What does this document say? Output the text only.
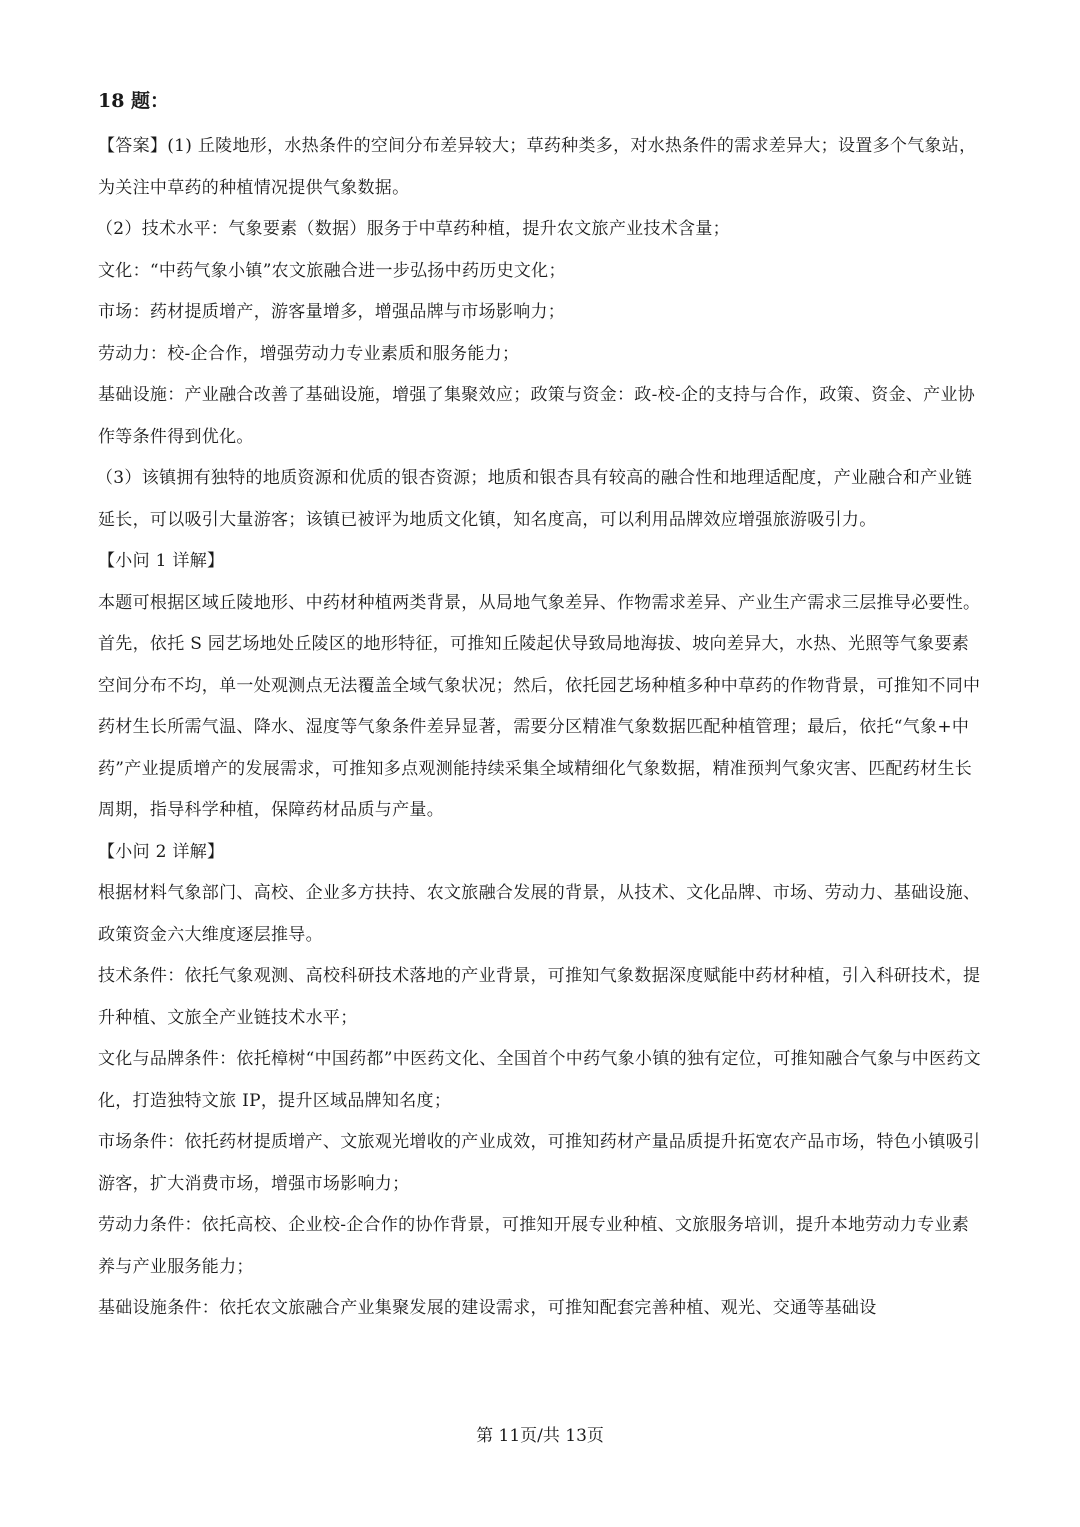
18 题：

【答案】(1) 丘陵地形，水热条件的空间分布差异较大；草药种类多，对水热条件的需求差异大；设置多个气象站，为关注中草药的种植情况提供气象数据。

（2）技术水平：气象要素（数据）服务于中草药种植，提升农文旅产业技术含量；

文化：“中药气象小镇”农文旅融合进一步弘扬中药历史文化；

市场：药材提质增产，游客量增多，增强品牌与市场影响力；

劳动力：校-企合作，增强劳动力专业素质和服务能力；

基础设施：产业融合改善了基础设施，增强了集聚效应；政策与资金：政-校-企的支持与合作，政策、资金、产业协作等条件得到优化。

（3）该镇拥有独特的地质资源和优质的银杏资源；地质和银杏具有较高的融合性和地理适配度，产业融合和产业链延长，可以吸引大量游客；该镇已被评为地质文化镇，知名度高，可以利用品牌效应增强旅游吸引力。

【小问 1 详解】

本题可根据区域丘陵地形、中药材种植两类背景，从局地气象差异、作物需求差异、产业生产需求三层推导必要性。首先，依托 S 园艺场地处丘陵区的地形特征，可推知丘陵起伏导致局地海拔、坡向差异大，水热、光照等气象要素空间分布不均，单一处观测点无法覆盖全域气象状况；然后，依托园艺场种植多种中草药的作物背景，可推知不同中药材生长所需气温、降水、湿度等气象条件差异显著，需要分区精准气象数据匹配种植管理；最后，依托“气象+中药”产业提质增产的发展需求，可推知多点观测能持续采集全域精细化气象数据，精准预判气象灾害、匹配药材生长周期，指导科学种植，保障药材品质与产量。

【小问 2 详解】

根据材料气象部门、高校、企业多方扶持、农文旅融合发展的背景，从技术、文化品牌、市场、劳动力、基础设施、政策资金六大维度逐层推导。

技术条件：依托气象观测、高校科研技术落地的产业背景，可推知气象数据深度赋能中药材种植，引入科研技术，提升种植、文旅全产业链技术水平；

文化与品牌条件：依托樟树“中国药都”中医药文化、全国首个中药气象小镇的独有定位，可推知融合气象与中医药文化，打造独特文旅 IP，提升区域品牌知名度；

市场条件：依托药材提质增产、文旅观光增收的产业成效，可推知药材产量品质提升拓宽农产品市场，特色小镇吸引游客，扩大消费市场，增强市场影响力；

劳动力条件：依托高校、企业校-企合作的协作背景，可推知开展专业种植、文旅服务培训，提升本地劳动力专业素养与产业服务能力；

基础设施条件：依托农文旅融合产业集聚发展的建设需求，可推知配套完善种植、观光、交通等基础设

第 11页/共 13页
